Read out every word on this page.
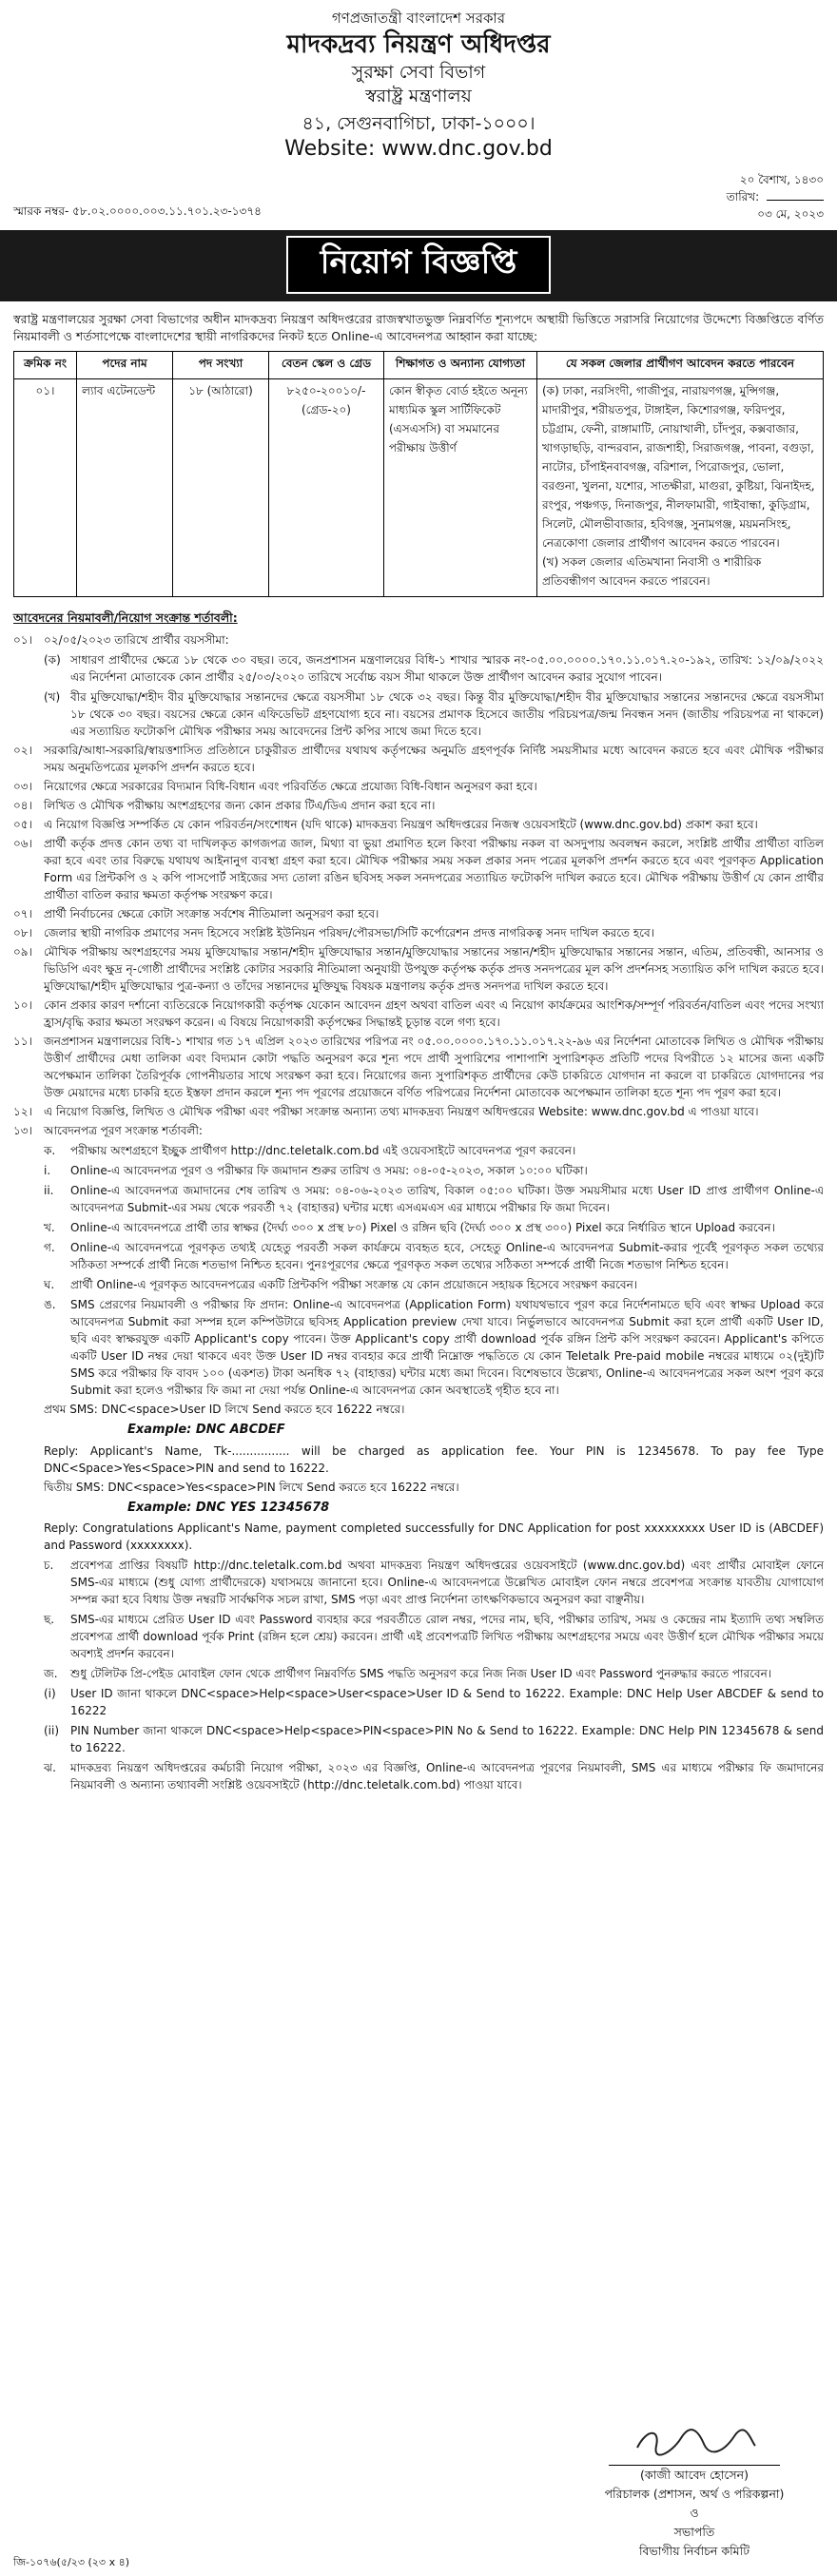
গণপ্রজাতন্ত্রী বাংলাদেশ সরকার
মাদকদ্রব্য নিয়ন্ত্রণ অধিদপ্তর
সুরক্ষা সেবা বিভাগ
স্বরাষ্ট্র মন্ত্রণালয়
৪১, সেগুনবাগিচা, ঢাকা-১০০০।
Website: www.dnc.gov.bd
স্মারক নম্বর- ৫৮.০২.০০০০.০০৩.১১.৭০১.২৩-১৩৭৪
২০ বৈশাখ, ১৪৩০
তারিখ:
০৩ মে, ২০২৩
নিয়োগ বিজ্ঞপ্তি
স্বরাষ্ট্র মন্ত্রণালয়ের সুরক্ষা সেবা বিভাগের অধীন মাদকদ্রব্য নিয়ন্ত্রণ অধিদপ্তরের রাজস্বখাতভুক্ত নিম্নবর্ণিত শূন্যপদে অস্থায়ী ভিত্তিতে সরাসরি নিয়োগের উদ্দেশ্যে বিজ্ঞপ্তিতে বর্ণিত নিয়মাবলী ও শর্তসাপেক্ষে বাংলাদেশের স্থায়ী নাগরিকদের নিকট হতে Online-এ আবেদনপত্র আহ্বান করা যাচ্ছে:
ক্রমিক নং	পদের নাম	পদ সংখ্যা	বেতন স্কেল ও গ্রেড	শিক্ষাগত ও অন্যান্য যোগ্যতা	যে সকল জেলার প্রার্থীগণ আবেদন করতে পারবেন
০১।	ল্যাব এটেনডেন্ট	১৮ (আঠারো)	৮২৫০-২০০১০/- (গ্রেড-২০)	কোন স্বীকৃত বোর্ড হইতে অনূন্য মাধ্যমিক স্কুল সার্টিফিকেট (এসএসসি) বা সমমানের পরীক্ষায় উত্তীর্ণ	(ক) ঢাকা, নরসিংদী, গাজীপুর, নারায়ণগঞ্জ, মুন্সিগঞ্জ, মাদারীপুর, শরীয়তপুর, টাঙ্গাইল, কিশোরগঞ্জ, ফরিদপুর, চট্টগ্রাম, ফেনী, রাঙ্গামাটি, নোয়াখালী, চাঁদপুর, কক্সবাজার, খাগড়াছড়ি, বান্দরবান, রাজশাহী, সিরাজগঞ্জ, পাবনা, বগুড়া, নাটোর, চাঁপাইনবাবগঞ্জ, বরিশাল, পিরোজপুর, ভোলা, বরগুনা, খুলনা, যশোর, সাতক্ষীরা, মাগুরা, কুষ্টিয়া, ঝিনাইদহ, রংপুর, পঞ্চগড়, দিনাজপুর, নীলফামারী, গাইবান্ধা, কুড়িগ্রাম, সিলেট, মৌলভীবাজার, হবিগঞ্জ, সুনামগঞ্জ, ময়মনসিংহ, নেত্রকোণা জেলার প্রার্থীগণ আবেদন করতে পারবেন।
(খ) সকল জেলার এতিমখানা নিবাসী ও শারীরিক প্রতিবন্ধীগণ আবেদন করতে পারবেন।
আবেদনের নিয়মাবলী/নিয়োগ সংক্রান্ত শর্তাবলী:
০১।	০২/০৫/২০২৩ তারিখে প্রার্থীর বয়সসীমা:
(ক) সাধারণ প্রার্থীদের ক্ষেত্রে ১৮ থেকে ৩০ বছর। তবে, জনপ্রশাসন মন্ত্রণালয়ের বিধি-১ শাখার স্মারক নং-০৫.০০.০০০০.১৭০.১১.০১৭.২০-১৯২, তারিখ: ১২/০৯/২০২২ এর নির্দেশনা মোতাবেক কোন প্রার্থীর ২৫/০৩/২০২০ তারিখে সর্বোচ্চ বয়স সীমা থাকলে উক্ত প্রার্থীগণ আবেদন করার সুযোগ পাবেন।
(খ) বীর মুক্তিযোদ্ধা/শহীদ বীর মুক্তিযোদ্ধার সন্তানদের ক্ষেত্রে বয়সসীমা ১৮ থেকে ৩২ বছর। কিন্তু বীর মুক্তিযোদ্ধা/শহীদ বীর মুক্তিযোদ্ধার সন্তানের সন্তানদের ক্ষেত্রে বয়সসীমা ১৮ থেকে ৩০ বছর। বয়সের ক্ষেত্রে কোন এফিডেভিট গ্রহণযোগ্য হবে না। বয়সের প্রমাণক হিসেবে জাতীয় পরিচয়পত্র/জন্ম নিবন্ধন সনদ (জাতীয় পরিচয়পত্র না থাকলে) এর সত্যায়িত ফটোকপি মৌখিক পরীক্ষার সময় আবেদনের প্রিন্ট কপির সাথে জমা দিতে হবে।
০২।	সরকারি/আধা-সরকারি/স্বায়ত্তশাসিত প্রতিষ্ঠানে চাকুরীরত প্রার্থীদের যথাযথ কর্তৃপক্ষের অনুমতি গ্রহণপূর্বক নির্দিষ্ট সময়সীমার মধ্যে আবেদন করতে হবে এবং মৌখিক পরীক্ষার সময় অনুমতিপত্রের মূলকপি প্রদর্শন করতে হবে।
০৩।	নিয়োগের ক্ষেত্রে সরকারের বিদ্যমান বিধি-বিধান এবং পরিবর্তিত ক্ষেত্রে প্রযোজ্য বিধি-বিধান অনুসরণ করা হবে।
০৪।	লিখিত ও মৌখিক পরীক্ষায় অংশগ্রহণের জন্য কোন প্রকার টিএ/ডিএ প্রদান করা হবে না।
০৫।	এ নিয়োগ বিজ্ঞপ্তি সম্পর্কিত যে কোন পরিবর্তন/সংশোধন (যদি থাকে) মাদকদ্রব্য নিয়ন্ত্রণ অধিদপ্তরের নিজস্ব ওয়েবসাইটে (www.dnc.gov.bd) প্রকাশ করা হবে।
০৬।	প্রার্থী কর্তৃক প্রদত্ত কোন তথ্য বা দাখিলকৃত কাগজপত্র জাল, মিথ্যা বা ভুয়া প্রমাণিত হলে কিংবা পরীক্ষায় নকল বা অসদুপায় অবলম্বন করলে, সংশ্লিষ্ট প্রার্থীর প্রার্থীতা বাতিল করা হবে এবং তার বিরুদ্ধে যথাযথ আইনানুগ ব্যবস্থা গ্রহণ করা হবে। মৌখিক পরীক্ষার সময় সকল প্রকার সনদ পত্রের মূলকপি প্রদর্শন করতে হবে এবং পূরণকৃত Application Form এর প্রিন্টকপি ও ২ কপি পাসপোর্ট সাইজের সদ্য তোলা রঙিন ছবিসহ সকল সনদপত্রের সত্যায়িত ফটোকপি দাখিল করতে হবে। মৌখিক পরীক্ষায় উত্তীর্ণ যে কোন প্রার্থীর প্রার্থীতা বাতিল করার ক্ষমতা কর্তৃপক্ষ সংরক্ষণ করে।
০৭।	প্রার্থী নির্বাচনের ক্ষেত্রে কোটা সংক্রান্ত সর্বশেষ নীতিমালা অনুসরণ করা হবে।
০৮।	জেলার স্থায়ী নাগরিক প্রমাণের সনদ হিসেবে সংশ্লিষ্ট ইউনিয়ন পরিষদ/পৌরসভা/সিটি কর্পোরেশন প্রদত্ত নাগরিকত্ব সনদ দাখিল করতে হবে।
০৯।	মৌখিক পরীক্ষায় অংশগ্রহণের সময় মুক্তিযোদ্ধার সন্তান/শহীদ মুক্তিযোদ্ধার সন্তান/মুক্তিযোদ্ধার সন্তানের সন্তান/শহীদ মুক্তিযোদ্ধার সন্তানের সন্তান, এতিম, প্রতিবন্ধী, আনসার ও ভিডিপি এবং ক্ষুদ্র নৃ-গোষ্ঠী প্রার্থীদের সংশ্লিষ্ট কোটার সরকারি নীতিমালা অনুযায়ী উপযুক্ত কর্তৃপক্ষ কর্তৃক প্রদত্ত সনদপত্রের মূল কপি প্রদর্শনসহ সত্যায়িত কপি দাখিল করতে হবে। মুক্তিযোদ্ধা/শহীদ মুক্তিযোদ্ধার পুত্র-কন্যা ও তাঁদের সন্তানদের মুক্তিযুদ্ধ বিষয়ক মন্ত্রণালয় কর্তৃক প্রদত্ত সনদপত্র দাখিল করতে হবে।
১০।	কোন প্রকার কারণ দর্শানো ব্যতিরেকে নিয়োগকারী কর্তৃপক্ষ যেকোন আবেদন গ্রহণ অথবা বাতিল এবং এ নিয়োগ কার্যক্রমের আংশিক/সম্পূর্ণ পরিবর্তন/বাতিল এবং পদের সংখ্যা হ্রাস/বৃদ্ধি করার ক্ষমতা সংরক্ষণ করেন। এ বিষয়ে নিয়োগকারী কর্তৃপক্ষের সিদ্ধান্তই চূড়ান্ত বলে গণ্য হবে।
১১।	জনপ্রশাসন মন্ত্রণালয়ের বিধি-১ শাখার গত ১৭ এপ্রিল ২০২৩ তারিখের পরিপত্র নং ০৫.০০.০০০০.১৭০.১১.০১৭.২২-৯৬ এর নির্দেশনা মোতাবেক লিখিত ও মৌখিক পরীক্ষায় উত্তীর্ণ প্রার্থীদের মেধা তালিকা এবং বিদ্যমান কোটা পদ্ধতি অনুসরণ করে শূন্য পদে প্রার্থী সুপারিশের পাশাপাশি সুপারিশকৃত প্রতিটি পদের বিপরীতে ১২ মাসের জন্য একটি অপেক্ষমান তালিকা তৈরিপূর্বক গোপনীয়তার সাথে সংরক্ষণ করা হবে। নিয়োগের জন্য সুপারিশকৃত প্রার্থীদের কেউ চাকরিতে যোগদান না করলে বা চাকরিতে যোগদানের পর উক্ত মেয়াদের মধ্যে চাকরি হতে ইস্তফা প্রদান করলে শূন্য পদ পূরণের প্রয়োজনে বর্ণিত পরিপত্রের নির্দেশনা মোতাবেক অপেক্ষমান তালিকা হতে শূন্য পদ পূরণ করা হবে।
১২।	এ নিয়োগ বিজ্ঞপ্তি, লিখিত ও মৌখিক পরীক্ষা এবং পরীক্ষা সংক্রান্ত অন্যান্য তথ্য মাদকদ্রব্য নিয়ন্ত্রণ অধিদপ্তরের Website: www.dnc.gov.bd এ পাওয়া যাবে।
১৩।	আবেদনপত্র পূরণ সংক্রান্ত শর্তাবলী:
ক.	পরীক্ষায় অংশগ্রহণে ইচ্ছুক প্রার্থীগণ http://dnc.teletalk.com.bd এই ওয়েবসাইটে আবেদনপত্র পূরণ করবেন।
i.	Online-এ আবেদনপত্র পূরণ ও পরীক্ষার ফি জমাদান শুরুর তারিখ ও সময়: ০৪-০৫-২০২৩, সকাল ১০:০০ ঘটিকা।
ii.	Online-এ আবেদনপত্র জমাদানের শেষ তারিখ ও সময়: ০৪-০৬-২০২৩ তারিখ, বিকাল ০৫:০০ ঘটিকা। উক্ত সময়সীমার মধ্যে User ID প্রাপ্ত প্রার্থীগণ Online-এ আবেদনপত্র Submit-এর সময় থেকে পরবর্তী ৭২ (বাহাত্তর) ঘন্টার মধ্যে এসএমএস এর মাধ্যমে পরীক্ষার ফি জমা দিবেন।
খ.	Online-এ আবেদনপত্রে প্রার্থী তার স্বাক্ষর (দৈর্ঘ্য ৩০০ x প্রস্থ ৮০) Pixel ও রঙ্গিন ছবি (দৈর্ঘ্য ৩০০ x প্রস্থ ৩০০) Pixel করে নির্ধারিত স্থানে Upload করবেন।
গ.	Online-এ আবেদনপত্রে পূরণকৃত তথ্যই যেহেতু পরবর্তী সকল কার্যক্রমে ব্যবহৃত হবে, সেহেতু Online-এ আবেদনপত্র Submit-করার পূর্বেই পূরণকৃত সকল তথ্যের সঠিকতা সম্পর্কে প্রার্থী নিজে শতভাগ নিশ্চিত হবেন। পুনঃপূরণের ক্ষেত্রে পূরণকৃত সকল তথ্যের সঠিকতা সম্পর্কে প্রার্থী নিজে শতভাগ নিশ্চিত হবেন।
ঘ.	প্রার্থী Online-এ পূরণকৃত আবেদনপত্রের একটি প্রিন্টকপি পরীক্ষা সংক্রান্ত যে কোন প্রয়োজনে সহায়ক হিসেবে সংরক্ষণ করবেন।
ঙ.	SMS প্রেরণের নিয়মাবলী ও পরীক্ষার ফি প্রদান: Online-এ আবেদনপত্র (Application Form) যথাযথভাবে পূরণ করে নির্দেশনামতে ছবি এবং স্বাক্ষর Upload করে আবেদনপত্র Submit করা সম্পন্ন হলে কম্পিউটারে ছবিসহ Application preview দেখা যাবে। নির্ভুলভাবে আবেদনপত্র Submit করা হলে প্রার্থী একটি User ID, ছবি এবং স্বাক্ষরযুক্ত একটি Applicant's copy পাবেন। উক্ত Applicant's copy প্রার্থী download পূর্বক রঙ্গিন প্রিন্ট কপি সংরক্ষণ করবেন। Applicant's কপিতে একটি User ID নম্বর দেয়া থাকবে এবং উক্ত User ID নম্বর ব্যবহার করে প্রার্থী নিম্নোক্ত পদ্ধতিতে যে কোন Teletalk Pre-paid mobile নম্বরের মাধ্যমে ০২(দুই)টি SMS করে পরীক্ষার ফি বাবদ ১০০ (একশত) টাকা অনধিক ৭২ (বাহাত্তর) ঘন্টার মধ্যে জমা দিবেন। বিশেষভাবে উল্লেখ্য, Online-এ আবেদনপত্রের সকল অংশ পূরণ করে Submit করা হলেও পরীক্ষার ফি জমা না দেয়া পর্যন্ত Online-এ আবেদনপত্র কোন অবস্থাতেই গৃহীত হবে না।
প্রথম SMS: DNC<space>User ID লিখে Send করতে হবে 16222 নম্বরে।
Example: DNC ABCDEF
Reply: Applicant's Name, Tk-................ will be charged as application fee. Your PIN is 12345678. To pay fee Type DNC<Space>Yes<Space>PIN and send to 16222.
দ্বিতীয় SMS: DNC<space>Yes<space>PIN লিখে Send করতে হবে 16222 নম্বরে।
Example: DNC YES 12345678
Reply: Congratulations Applicant's Name, payment completed successfully for DNC Application for post xxxxxxxxx User ID is (ABCDEF) and Password (xxxxxxxx).
চ.	প্রবেশপত্র প্রাপ্তির বিষয়টি http://dnc.teletalk.com.bd অথবা মাদকদ্রব্য নিয়ন্ত্রণ অধিদপ্তরের ওয়েবসাইটে (www.dnc.gov.bd) এবং প্রার্থীর মোবাইল ফোনে SMS-এর মাধ্যমে (শুধু যোগ্য প্রার্থীদেরকে) যথাসময়ে জানানো হবে। Online-এ আবেদনপত্রে উল্লেখিত মোবাইল ফোন নম্বরে প্রবেশপত্র সংক্রান্ত যাবতীয় যোগাযোগ সম্পন্ন করা হবে বিধায় উক্ত নম্বরটি সার্বক্ষণিক সচল রাখা, SMS পড়া এবং প্রাপ্ত নির্দেশনা তাৎক্ষণিকভাবে অনুসরণ করা বাঞ্ছনীয়।
ছ.	SMS-এর মাধ্যমে প্রেরিত User ID এবং Password ব্যবহার করে পরবর্তীতে রোল নম্বর, পদের নাম, ছবি, পরীক্ষার তারিখ, সময় ও কেন্দ্রের নাম ইত্যাদি তথ্য সম্বলিত প্রবেশপত্র প্রার্থী download পূর্বক Print (রঙ্গিন হলে শ্রেয়) করবেন। প্রার্থী এই প্রবেশপত্রটি লিখিত পরীক্ষায় অংশগ্রহণের সময়ে এবং উত্তীর্ণ হলে মৌখিক পরীক্ষার সময়ে অবশ্যই প্রদর্শন করবেন।
জ.	শুধু টেলিটক প্রি-পেইড মোবাইল ফোন থেকে প্রার্থীগণ নিম্নবর্ণিত SMS পদ্ধতি অনুসরণ করে নিজ নিজ User ID এবং Password পুনরুদ্ধার করতে পারবেন।
(i)	User ID জানা থাকলে DNC<space>Help<space>User<space>User ID & Send to 16222. Example: DNC Help User ABCDEF & send to 16222
(ii) PIN Number জানা থাকলে DNC<space>Help<space>PIN<space>PIN No & Send to 16222. Example: DNC Help PIN 12345678 & send to 16222.
ঝ.	মাদকদ্রব্য নিয়ন্ত্রণ অধিদপ্তরের কর্মচারী নিয়োগ পরীক্ষা, ২০২৩ এর বিজ্ঞপ্তি, Online-এ আবেদনপত্র পূরণের নিয়মাবলী, SMS এর মাধ্যমে পরীক্ষার ফি জমাদানের নিয়মাবলী ও অন্যান্য তথ্যাবলী সংশ্লিষ্ট ওয়েবসাইটে (http://dnc.teletalk.com.bd) পাওয়া যাবে।
(কাজী আবেদ হোসেন)
পরিচালক (প্রশাসন, অর্থ ও পরিকল্পনা)
ও
সভাপতি
বিভাগীয় নির্বাচন কমিটি
জি-১০৭৬(৫/২৩ (২৩ x ৪)
